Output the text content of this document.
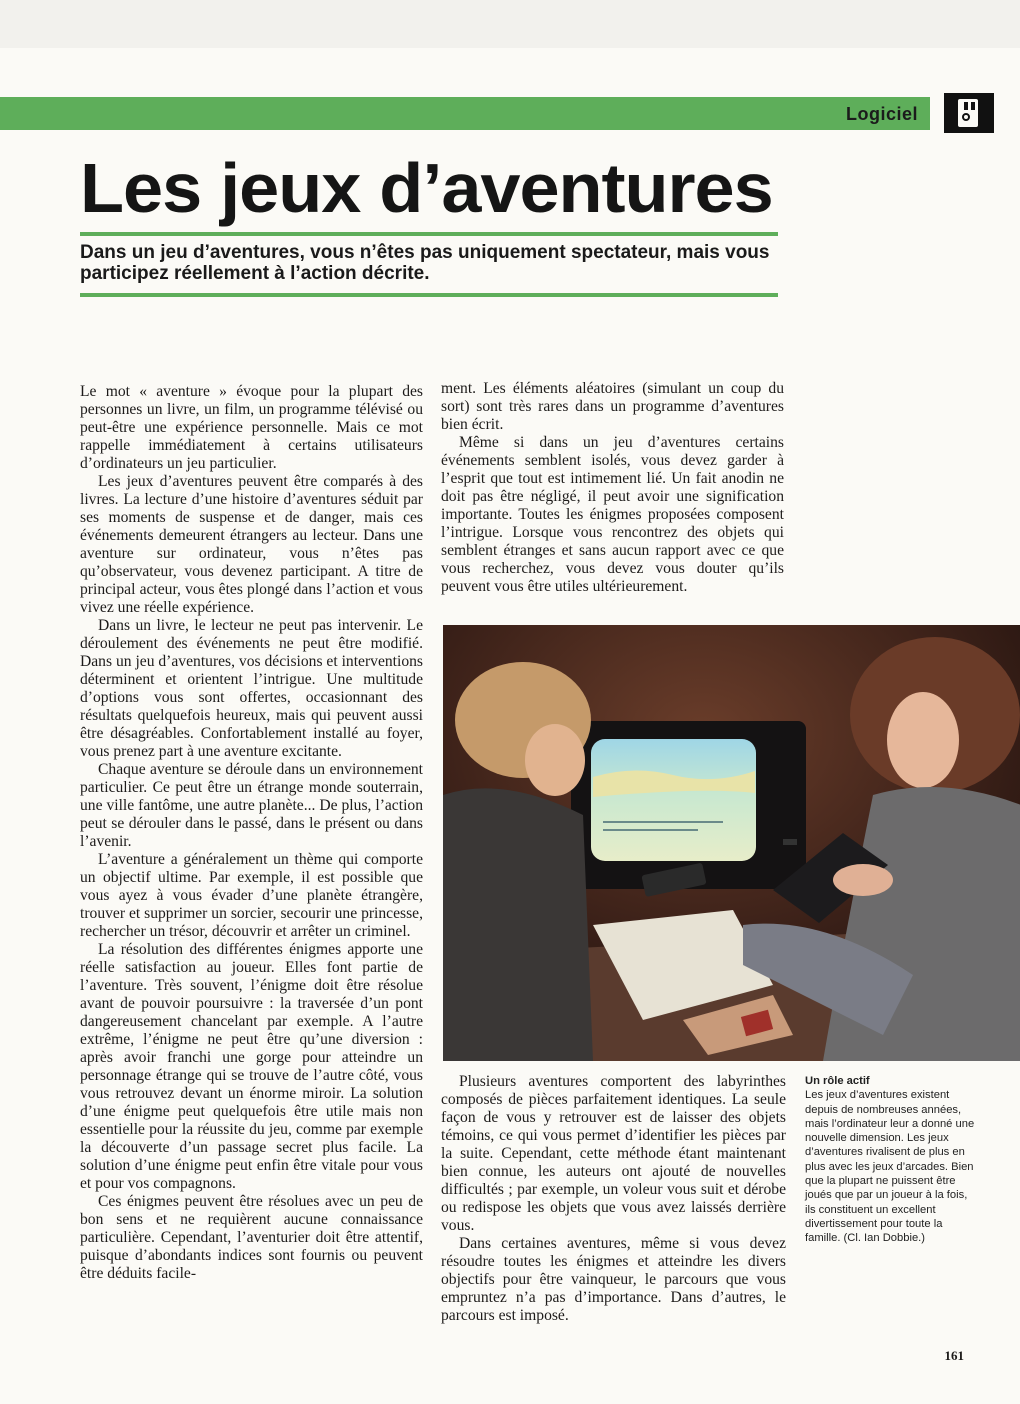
Logiciel
Les jeux d’aventures
Dans un jeu d’aventures, vous n’êtes pas uniquement spectateur, mais vous participez réellement à l’action décrite.

Le mot « aventure » évoque pour la plupart des personnes un livre, un film, un programme télévisé ou peut-être une expérience personnelle. Mais ce mot rappelle immédiatement à certains utilisateurs d’ordinateurs un jeu particulier.

Les jeux d’aventures peuvent être comparés à des livres. La lecture d’une histoire d’aventures séduit par ses moments de suspense et de danger, mais ces événements demeurent étrangers au lecteur. Dans une aventure sur ordinateur, vous n’êtes pas qu’observateur, vous devenez participant. A titre de principal acteur, vous êtes plongé dans l’action et vous vivez une réelle expérience.

Dans un livre, le lecteur ne peut pas intervenir. Le déroulement des événements ne peut être modifié. Dans un jeu d’aventures, vos décisions et interventions déterminent et orientent l’intrigue. Une multitude d’options vous sont offertes, occasionnant des résultats quelquefois heureux, mais qui peuvent aussi être désagréables. Confortablement installé au foyer, vous prenez part à une aventure excitante.

Chaque aventure se déroule dans un environnement particulier. Ce peut être un étrange monde souterrain, une ville fantôme, une autre planète... De plus, l’action peut se dérouler dans le passé, dans le présent ou dans l’avenir.

L’aventure a généralement un thème qui comporte un objectif ultime. Par exemple, il est possible que vous ayez à vous évader d’une planète étrangère, trouver et supprimer un sorcier, secourir une princesse, rechercher un trésor, découvrir et arrêter un criminel.

La résolution des différentes énigmes apporte une réelle satisfaction au joueur. Elles font partie de l’aventure. Très souvent, l’énigme doit être résolue avant de pouvoir poursuivre : la traversée d’un pont dangereusement chancelant par exemple. A l’autre extrême, l’énigme ne peut être qu’une diversion : après avoir franchi une gorge pour atteindre un personnage étrange qui se trouve de l’autre côté, vous vous retrouvez devant un énorme miroir. La solution d’une énigme peut quelquefois être utile mais non essentielle pour la réussite du jeu, comme par exemple la découverte d’un passage secret plus facile. La solution d’une énigme peut enfin être vitale pour vous et pour vos compagnons.

Ces énigmes peuvent être résolues avec un peu de bon sens et ne requièrent aucune connaissance particulière. Cependant, l’aventurier doit être attentif, puisque d’abondants indices sont fournis ou peuvent être déduits facile-

ment. Les éléments aléatoires (simulant un coup du sort) sont très rares dans un programme d’aventures bien écrit.

Même si dans un jeu d’aventures certains événements semblent isolés, vous devez garder à l’esprit que tout est intimement lié. Un fait anodin ne doit pas être négligé, il peut avoir une signification importante. Toutes les énigmes proposées composent l’intrigue. Lorsque vous rencontrez des objets qui semblent étranges et sans aucun rapport avec ce que vous recherchez, vous devez vous douter qu’ils peuvent vous être utiles ultérieurement.

Plusieurs aventures comportent des labyrinthes composés de pièces parfaitement identiques. La seule façon de vous y retrouver est de laisser des objets témoins, ce qui vous permet d’identifier les pièces par la suite. Cependant, cette méthode étant maintenant bien connue, les auteurs ont ajouté de nouvelles difficultés ; par exemple, un voleur vous suit et dérobe ou redispose les objets que vous avez laissés derrière vous.

Dans certaines aventures, même si vous devez résoudre toutes les énigmes et atteindre les divers objectifs pour être vainqueur, le parcours que vous empruntez n’a pas d’importance. Dans d’autres, le parcours est imposé.

Un rôle actif
Les jeux d’aventures existent depuis de nombreuses années, mais l’ordinateur leur a donné une nouvelle dimension. Les jeux d’aventures rivalisent de plus en plus avec les jeux d’arcades. Bien que la plupart ne puissent être joués que par un joueur à la fois, ils constituent un excellent divertissement pour toute la famille. (Cl. Ian Dobbie.)
161
